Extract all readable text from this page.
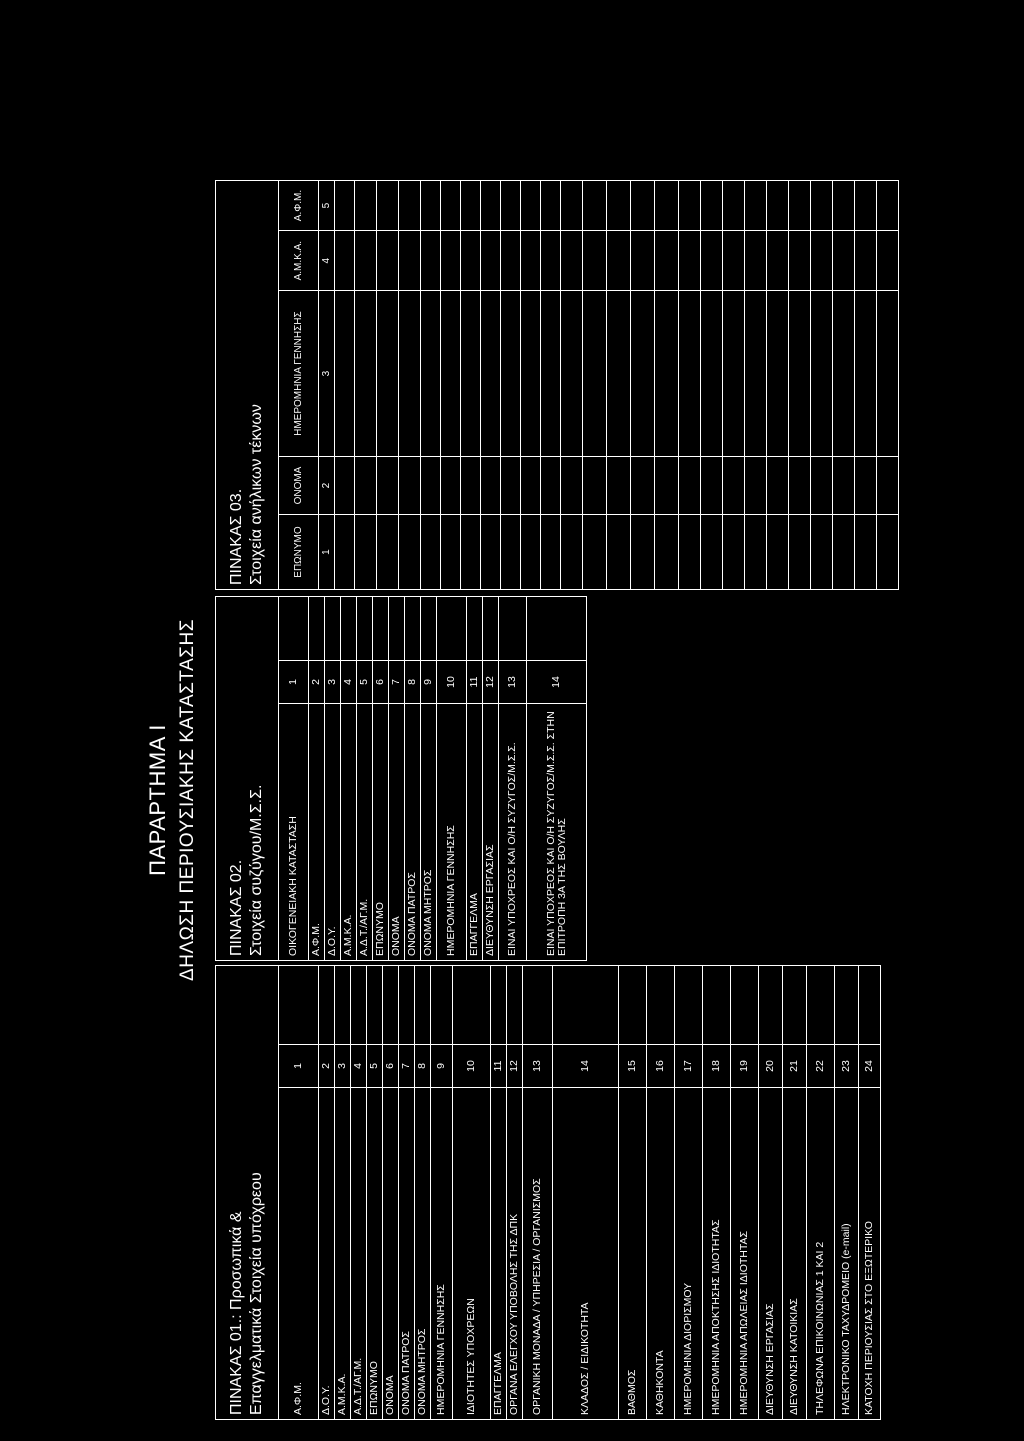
ΠΑΡΑΡΤΗΜΑ Ι ΔΗΛΩΣΗ ΠΕΡΙΟΥΣΙΑΚΗΣ ΚΑΤΑΣΤΑΣΗΣ
ΠΙΝΑΚΑΣ 01.: Προσωπικά & Επαγγελματικά Στοιχεία υπόχρεου		

Α.Φ.Μ.	1	
Δ.Ο.Υ.	2	
Α.Μ.Κ.Α.	3	
Α.Δ.Τ./ΑΓ.Μ.	4	
ΕΠΩΝΥΜΟ	5	
ΟΝΟΜΑ	6	
ΟΝΟΜΑ ΠΑΤΡΟΣ	7	
ΟΝΟΜΑ ΜΗΤΡΟΣ	8	
ΗΜΕΡΟΜΗΝΙΑ ΓΕΝΝΗΣΗΣ	9	
ΙΔΙΟΤΗΤΕΣ ΥΠΟΧΡΕΩΝ	10	
ΕΠΑΓΓΕΛΜΑ	11	
ΟΡΓΑΝΑ ΕΛΕΓΧΟΥ ΥΠΟΒΟΛΗΣ ΤΗΣ ΔΠΚ	12	
ΟΡΓΑΝΙΚΗ ΜΟΝΑΔΑ / ΥΠΗΡΕΣΙΑ / ΟΡΓΑΝΙΣΜΟΣ	13	
ΚΛΑΔΟΣ / ΕΙΔΙΚΟΤΗΤΑ	14	
ΒΑΘΜΟΣ	15	
ΚΑΘΗΚΟΝΤΑ	16	
ΗΜΕΡΟΜΗΝΙΑ ΔΙΟΡΙΣΜΟΥ	17	
ΗΜΕΡΟΜΗΝΙΑ ΑΠΟΚΤΗΣΗΣ ΙΔΙΟΤΗΤΑΣ	18	
ΗΜΕΡΟΜΗΝΙΑ ΑΠΩΛΕΙΑΣ ΙΔΙΟΤΗΤΑΣ	19	
ΔΙΕΥΘΥΝΣΗ ΕΡΓΑΣΙΑΣ	20	
ΔΙΕΥΘΥΝΣΗ ΚΑΤΟΙΚΙΑΣ	21	
ΤΗΛΕΦΩΝΑ ΕΠΙΚΟΙΝΩΝΙΑΣ 1 ΚΑΙ 2	22	
ΗΛΕΚΤΡΟΝΙΚΟ ΤΑΧΥΔΡΟΜΕΙΟ (e-mail)	23	
ΚΑΤΟΧΗ ΠΕΡΙΟΥΣΙΑΣ ΣΤΟ ΕΞΩΤΕΡΙΚΟ	24	
ΠΙΝΑΚΑΣ 02. Στοιχεία συζύγου/Μ.Σ.Σ.		

ΟΙΚΟΓΕΝΕΙΑΚΗ ΚΑΤΑΣΤΑΣΗ	1	
Α.Φ.Μ.	2	
Δ.Ο.Υ.	3	
Α.Μ.Κ.Α.	4	
Α.Δ.Τ./ΑΓ.Μ.	5	
ΕΠΩΝΥΜΟ	6	
ΟΝΟΜΑ	7	
ΟΝΟΜΑ ΠΑΤΡΟΣ	8	
ΟΝΟΜΑ ΜΗΤΡΟΣ	9	
ΗΜΕΡΟΜΗΝΙΑ ΓΕΝΝΗΣΗΣ	10	
ΕΠΑΓΓΕΛΜΑ	11	
ΔΙΕΥΘΥΝΣΗ ΕΡΓΑΣΙΑΣ	12	
ΕΙΝΑΙ ΥΠΟΧΡΕΟΣ ΚΑΙ Ο/Η ΣΥΖΥΓΟΣ/Μ.Σ.Σ.	13	
ΕΙΝΑΙ ΥΠΟΧΡΕΟΣ ΚΑΙ Ο/Η ΣΥΖΥΓΟΣ/Μ.Σ.Σ. ΣΤΗΝ ΕΠΙΤΡΟΠΗ 3Α ΤΗΣ ΒΟΥΛΗΣ	14	
ΠΙΝΑΚΑΣ 03. Στοιχεία ανήλικων τέκνων				

ΕΠΩΝΥΜΟ	ΟΝΟΜΑ	ΗΜΕΡΟΜΗΝΙΑ ΓΕΝΝΗΣΗΣ	Α.Μ.Κ.Α.	Α.Φ.Μ.
1	2	3	4	5
